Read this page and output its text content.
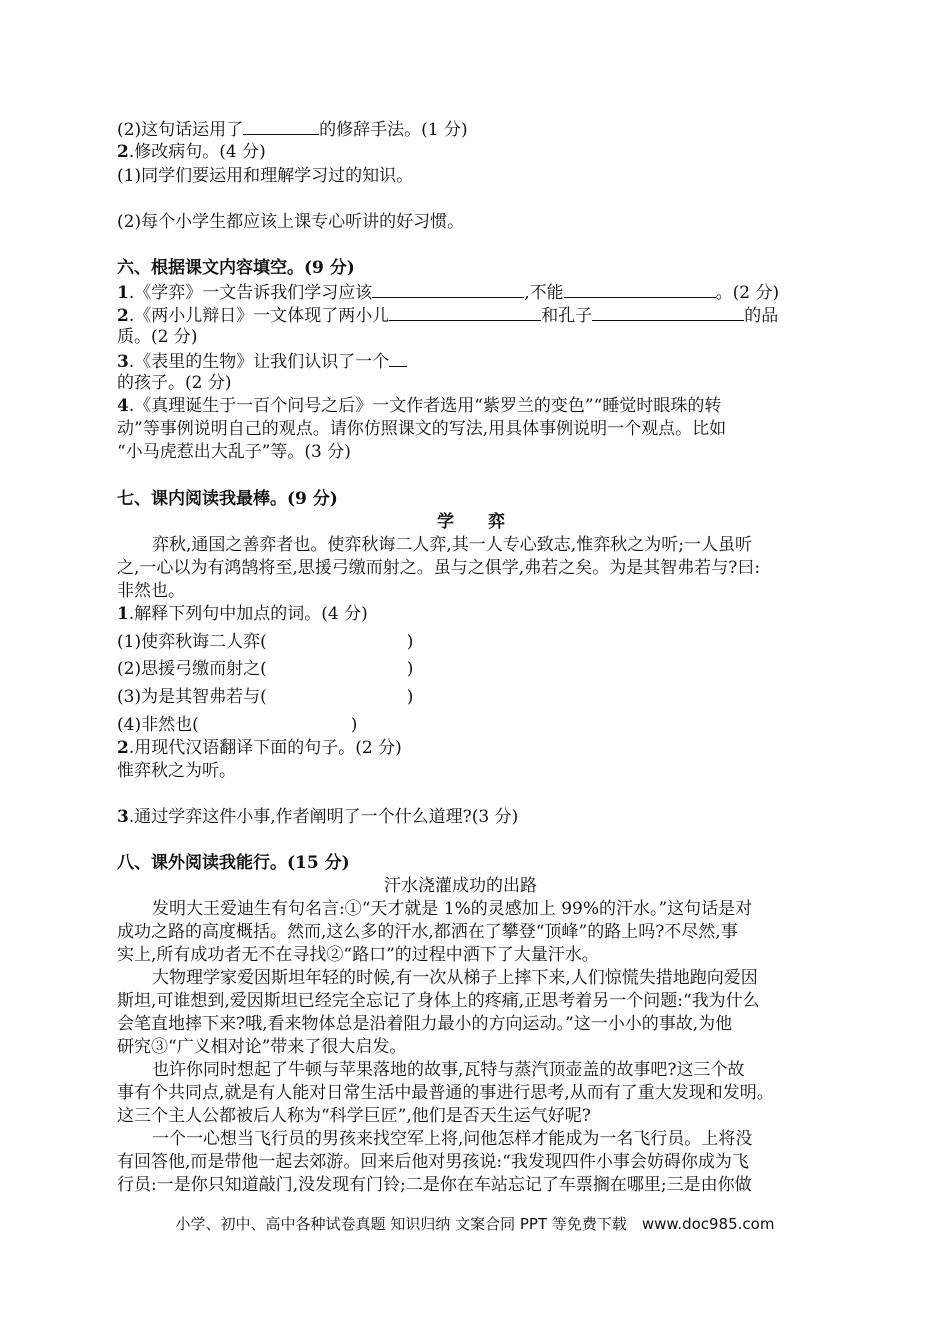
(2)这句话运用了	的修辞手法。(1 分)
2.修改病句。(4 分)
(1)同学们要运用和理解学习过的知识。
(2)每个小学生都应该上课专心听讲的好习惯。
六、根据课文内容填空。(9 分)
1.《学弈》一文告诉我们学习应该	,不能	。(2 分)
2.《两小儿辩日》一文体现了两小儿	和孔子	的品
质。(2 分)
3.《表里的生物》让我们认识了一个
的孩子。(2 分)
4.《真理诞生于一百个问号之后》一文作者选用“紫罗兰的变色”“睡觉时眼珠的转
动”等事例说明自己的观点。请你仿照课文的写法,用具体事例说明一个观点。比如
“小马虎惹出大乱子”等。(3 分)
七、课内阅读我最棒。(9 分)
学　　弈
弈秋,通国之善弈者也。使弈秋诲二人弈,其一人专心致志,惟弈秋之为听;一人虽听
之,一心以为有鸿鹄将至,思援弓缴而射之。虽与之俱学,弗若之矣。为是其智弗若与?曰:
非然也。
1.解释下列句中加点的词。(4 分)
(1)使弈秋诲二人弈(	)
(2)思援弓缴而射之(	)
(3)为是其智弗若与(	)
(4)非然也(	)
2.用现代汉语翻译下面的句子。(2 分)
惟弈秋之为听。
3.通过学弈这件小事,作者阐明了一个什么道理?(3 分)
八、课外阅读我能行。(15 分)
汗水浇灌成功的出路
发明大王爱迪生有句名言:①“天才就是 1%的灵感加上 99%的汗水。”这句话是对
成功之路的高度概括。然而,这么多的汗水,都洒在了攀登“顶峰”的路上吗?不尽然,事
实上,所有成功者无不在寻找②“路口”的过程中洒下了大量汗水。
大物理学家爱因斯坦年轻的时候,有一次从梯子上摔下来,人们惊慌失措地跑向爱因
斯坦,可谁想到,爱因斯坦已经完全忘记了身体上的疼痛,正思考着另一个问题:“我为什么
会笔直地摔下来?哦,看来物体总是沿着阻力最小的方向运动。”这一小小的事故,为他
研究③“广义相对论”带来了很大启发。
也许你同时想起了牛顿与苹果落地的故事,瓦特与蒸汽顶壶盖的故事吧?这三个故
事有个共同点,就是有人能对日常生活中最普通的事进行思考,从而有了重大发现和发明。
这三个主人公都被后人称为“科学巨匠”,他们是否天生运气好呢?
一个一心想当飞行员的男孩来找空军上将,问他怎样才能成为一名飞行员。上将没
有回答他,而是带他一起去郊游。回来后他对男孩说:“我发现四件小事会妨碍你成为飞
行员:一是你只知道敲门,没发现有门铃;二是你在车站忘记了车票搁在哪里;三是由你做
小学、初中、高中各种试卷真题 知识归纳 文案合同 PPT 等免费下载　www.doc985.com
